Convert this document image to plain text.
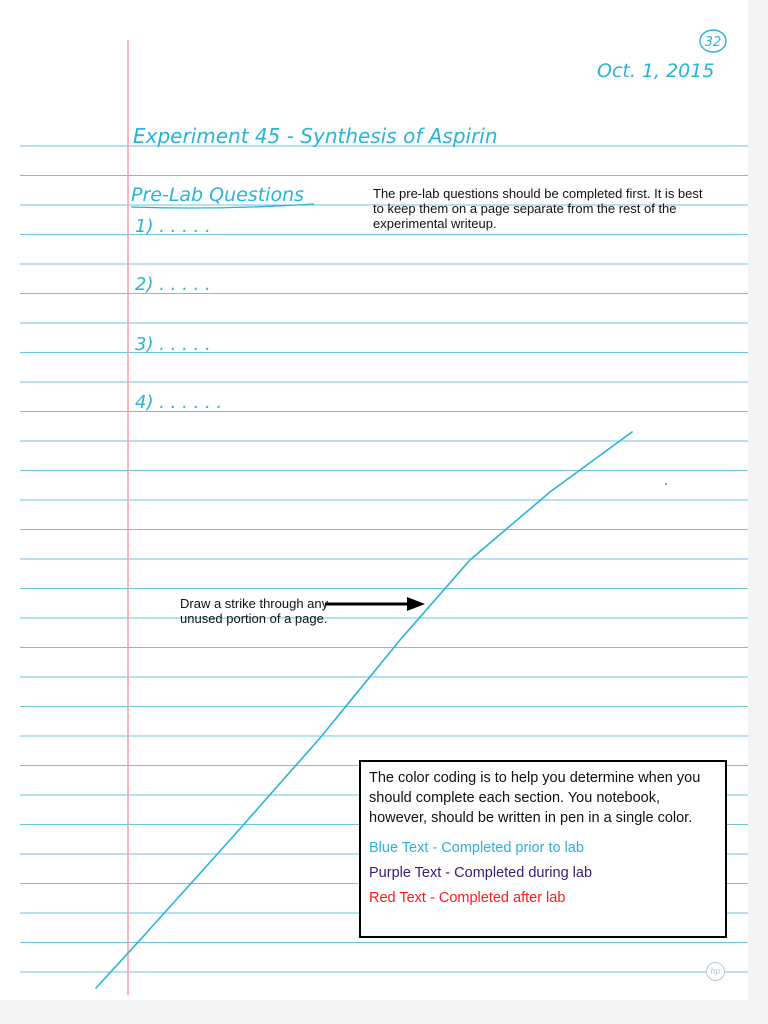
32
Oct. 1, 2015
Experiment 45 - Synthesis of Aspirin
Pre-Lab Questions
1) . . . . .
2) . . . . .
3) . . . . .
4) . . . . . .
The pre-lab questions should be completed first. It is best to keep them on a page separate from the rest of the experimental writeup.
Draw a strike through any unused portion of a page.

The color coding is to help you determine when you should complete each section. You notebook, however, should be written in pen in a single color.

Blue Text - Completed prior to lab
Purple Text - Completed during lab
Red Text - Completed after lab
hp
